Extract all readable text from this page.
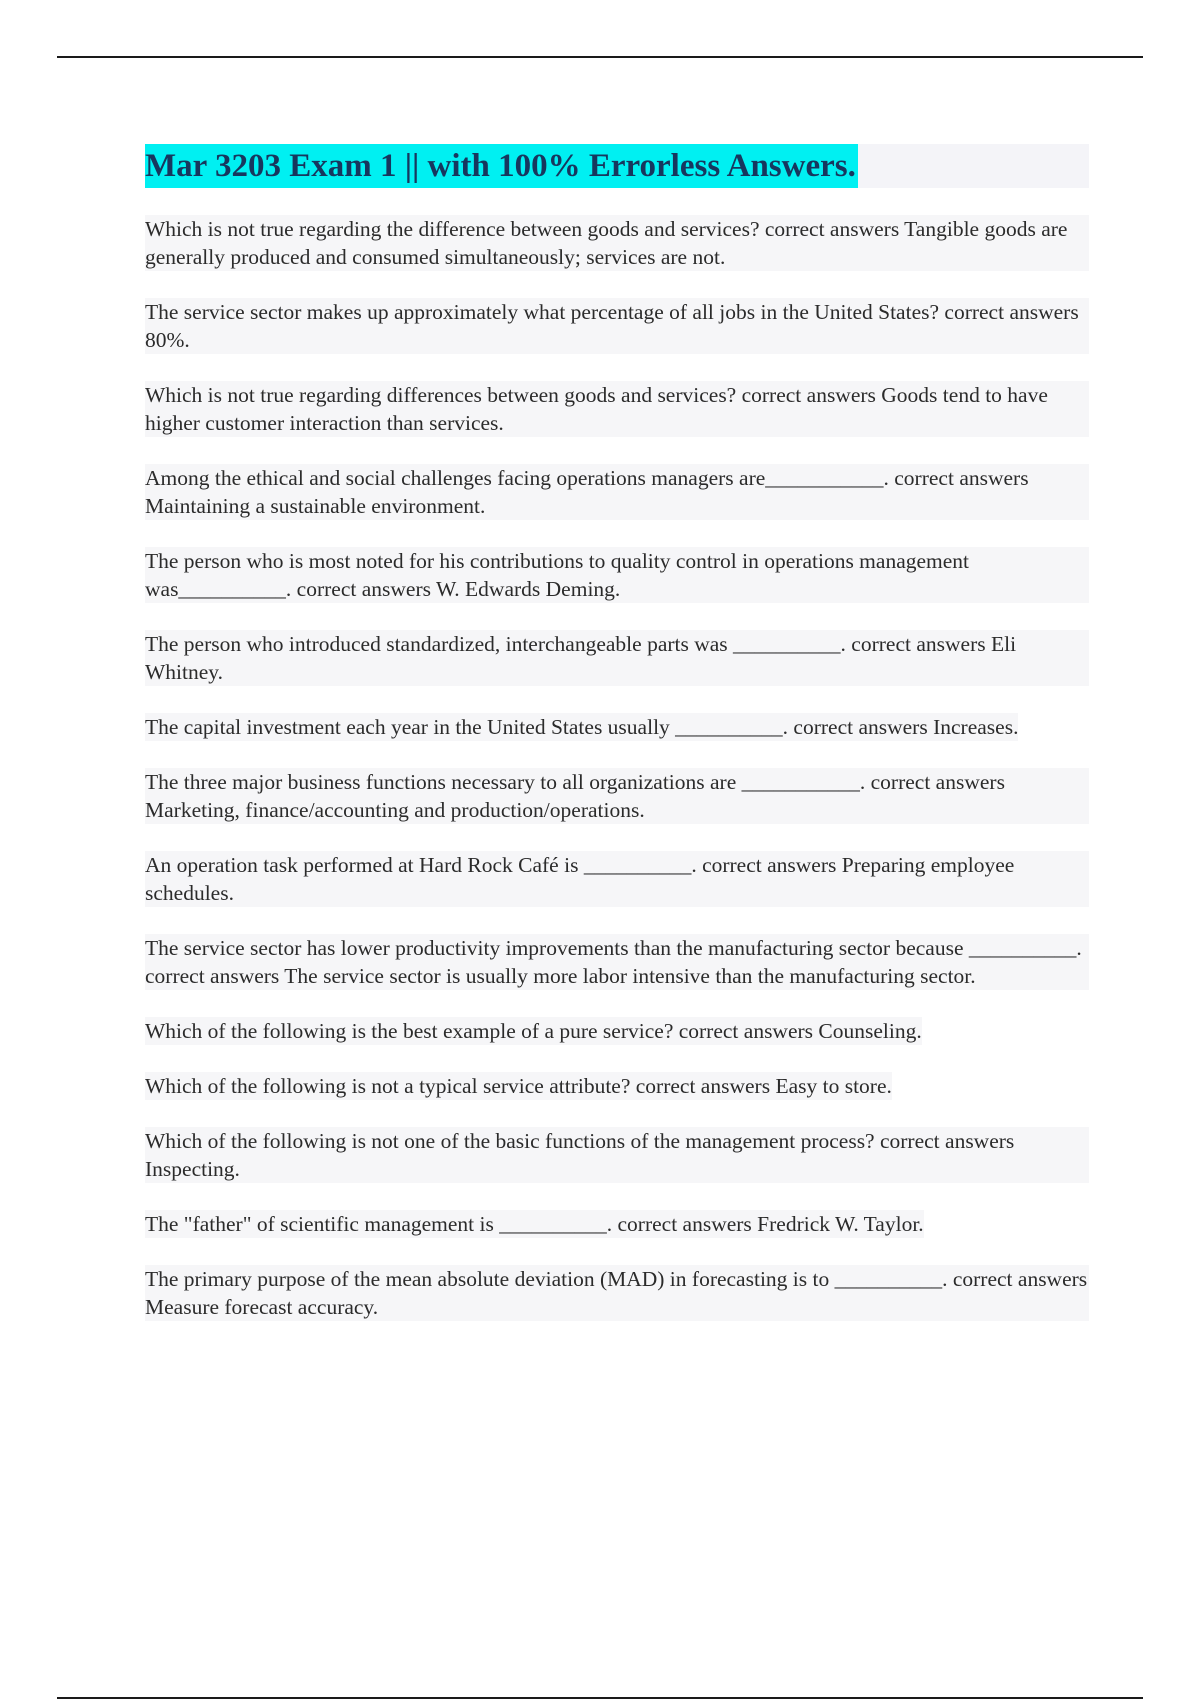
Mar 3203 Exam 1 || with 100% Errorless Answers.

Which is not true regarding the difference between goods and services? correct answers Tangible goods are generally produced and consumed simultaneously; services are not.

The service sector makes up approximately what percentage of all jobs in the United States? correct answers 80%.

Which is not true regarding differences between goods and services? correct answers Goods tend to have higher customer interaction than services.

Among the ethical and social challenges facing operations managers are___________. correct answers Maintaining a sustainable environment.

The person who is most noted for his contributions to quality control in operations management was__________. correct answers W. Edwards Deming.

The person who introduced standardized, interchangeable parts was __________. correct answers Eli Whitney.

The capital investment each year in the United States usually __________. correct answers Increases.

The three major business functions necessary to all organizations are ___________. correct answers Marketing, finance/accounting and production/operations.

An operation task performed at Hard Rock Café is __________. correct answers Preparing employee schedules.

The service sector has lower productivity improvements than the manufacturing sector because __________. correct answers The service sector is usually more labor intensive than the manufacturing sector.

Which of the following is the best example of a pure service? correct answers Counseling.

Which of the following is not a typical service attribute? correct answers Easy to store.

Which of the following is not one of the basic functions of the management process? correct answers Inspecting.

The "father" of scientific management is __________. correct answers Fredrick W. Taylor.

The primary purpose of the mean absolute deviation (MAD) in forecasting is to __________. correct answers Measure forecast accuracy.
